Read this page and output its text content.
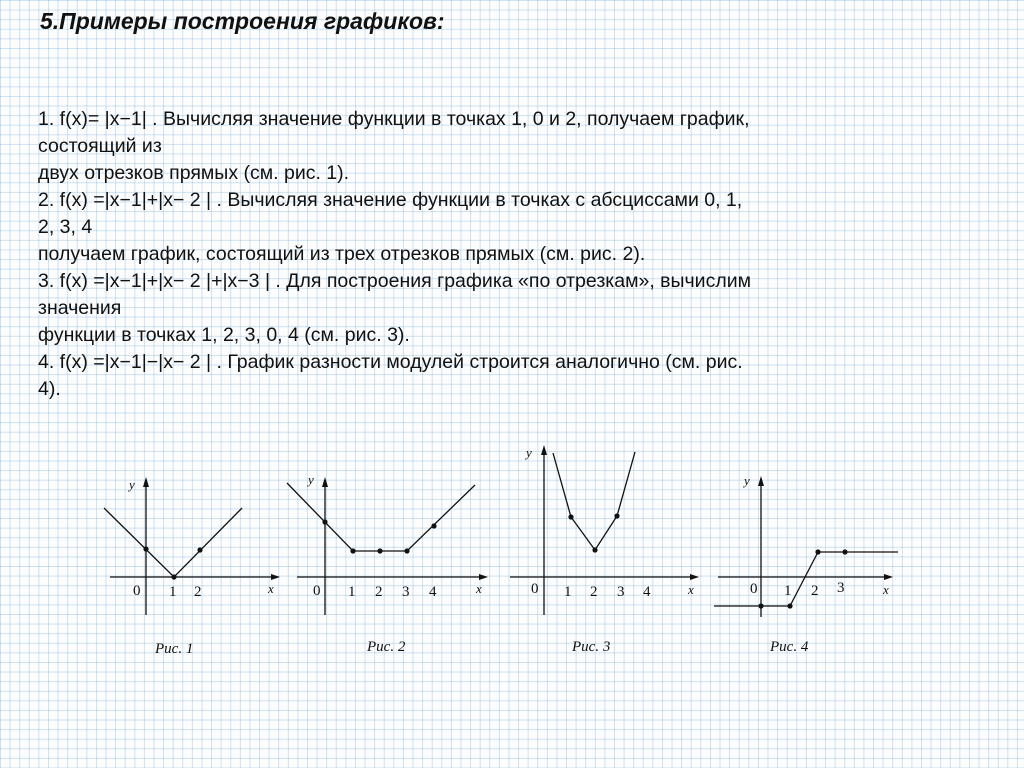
5.Примеры построения графиков:

1. f(x)= |x−1| . Вычисляя значение функции в точках 1, 0 и 2, получаем график,
состоящий из
двух отрезков прямых (см. рис. 1).

2. f(x) =|x−1|+|x− 2 | . Вычисляя значение функции в точках с абсциссами 0, 1,
2, 3, 4
получаем график, состоящий из трех отрезков прямых (см. рис. 2).

3. f(x) =|x−1|+|x− 2 |+|x−3 | . Для построения графика «по отрезкам», вычислим
значения
функции в точках 1, 2, 3, 0, 4 (см. рис. 3).

4. f(x) =|x−1|−|x− 2 | . График разности модулей строится аналогично (см. рис.
4).

y
x
0 1 2
Рис. 1
y
x
0 1 2 3 4
Рис. 2
y
x
0 1 2 3 4
Рис. 3
y
x
0 1 2 3
Рис. 4
